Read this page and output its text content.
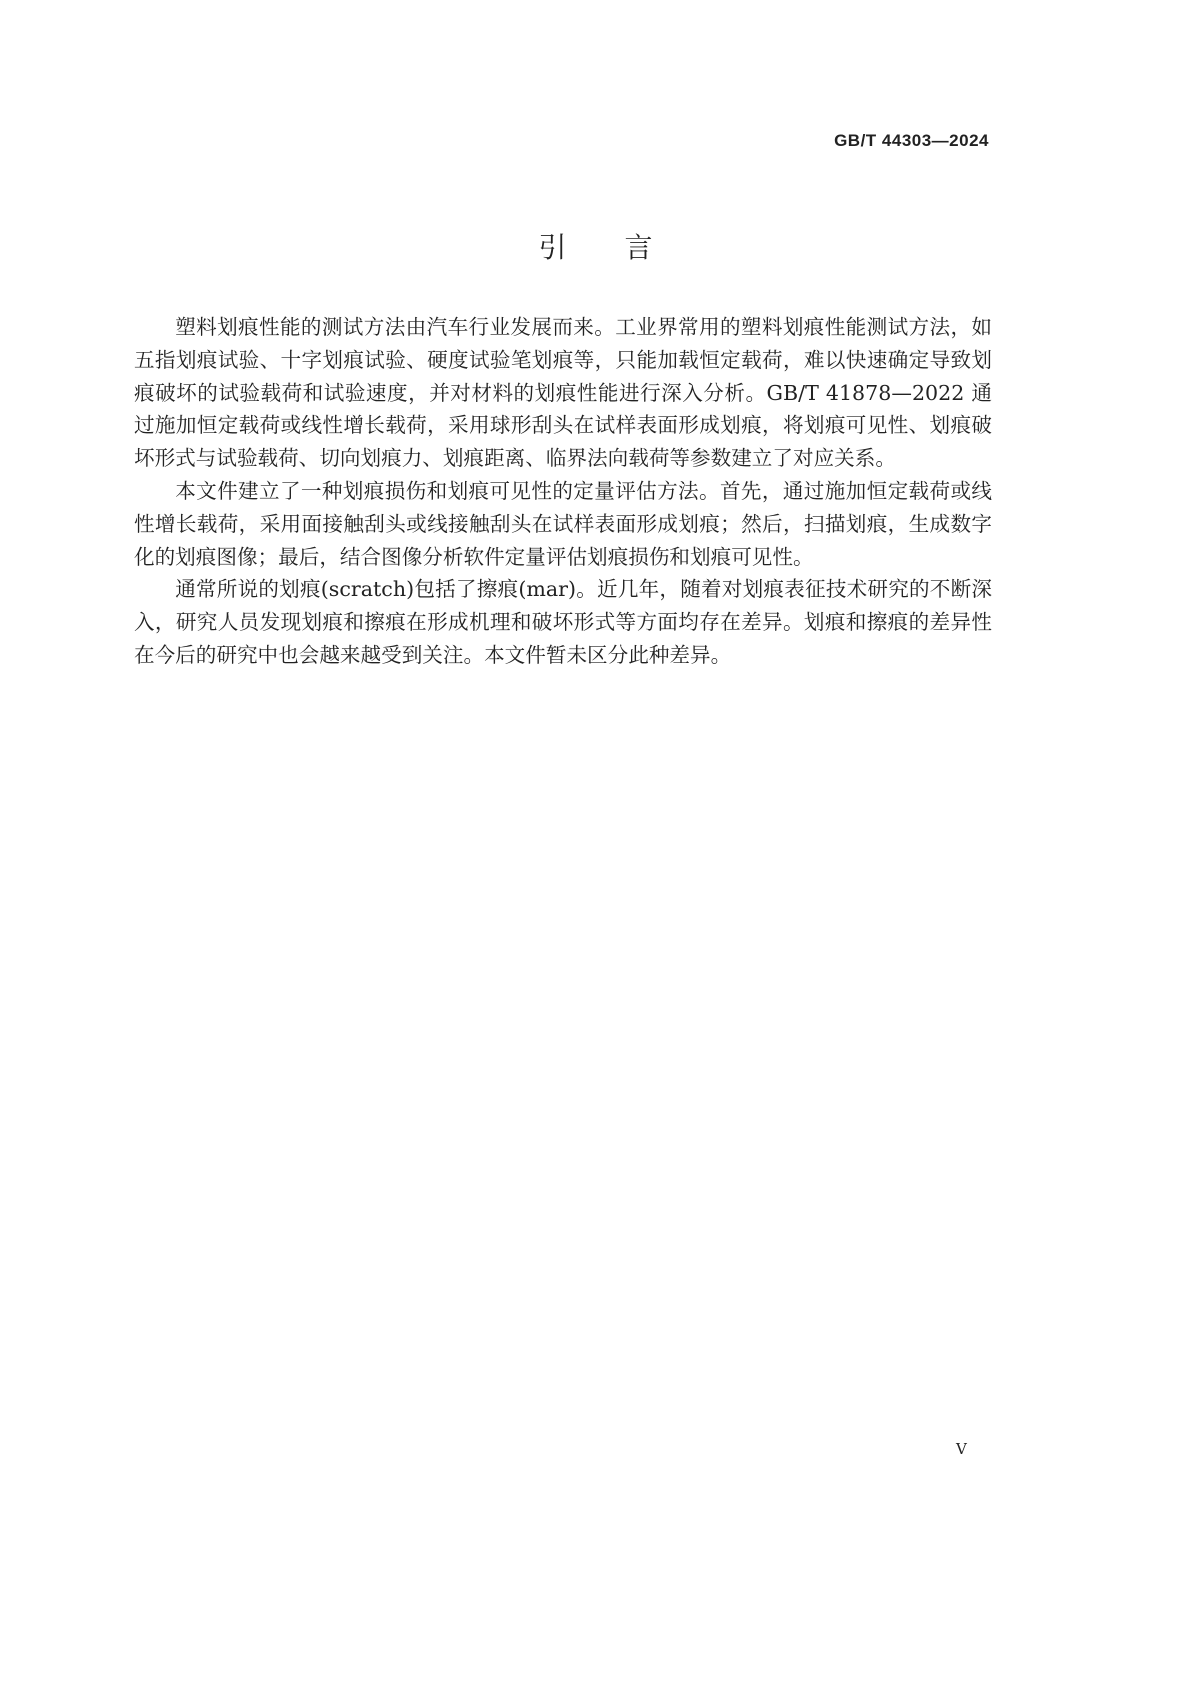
GB/T 44303—2024
引 言

塑料划痕性能的测试方法由汽车行业发展而来。工业界常用的塑料划痕性能测试方法，如五指划痕试验、十字划痕试验、硬度试验笔划痕等，只能加载恒定载荷，难以快速确定导致划痕破坏的试验载荷和试验速度，并对材料的划痕性能进行深入分析。GB/T 41878—2022 通过施加恒定载荷或线性增长载荷，采用球形刮头在试样表面形成划痕，将划痕可见性、划痕破坏形式与试验载荷、切向划痕力、划痕距离、临界法向载荷等参数建立了对应关系。

本文件建立了一种划痕损伤和划痕可见性的定量评估方法。首先，通过施加恒定载荷或线性增长载荷，采用面接触刮头或线接触刮头在试样表面形成划痕；然后，扫描划痕，生成数字化的划痕图像；最后，结合图像分析软件定量评估划痕损伤和划痕可见性。

通常所说的划痕(scratch)包括了擦痕(mar)。近几年，随着对划痕表征技术研究的不断深入，研究人员发现划痕和擦痕在形成机理和破坏形式等方面均存在差异。划痕和擦痕的差异性在今后的研究中也会越来越受到关注。本文件暂未区分此种差异。

V
